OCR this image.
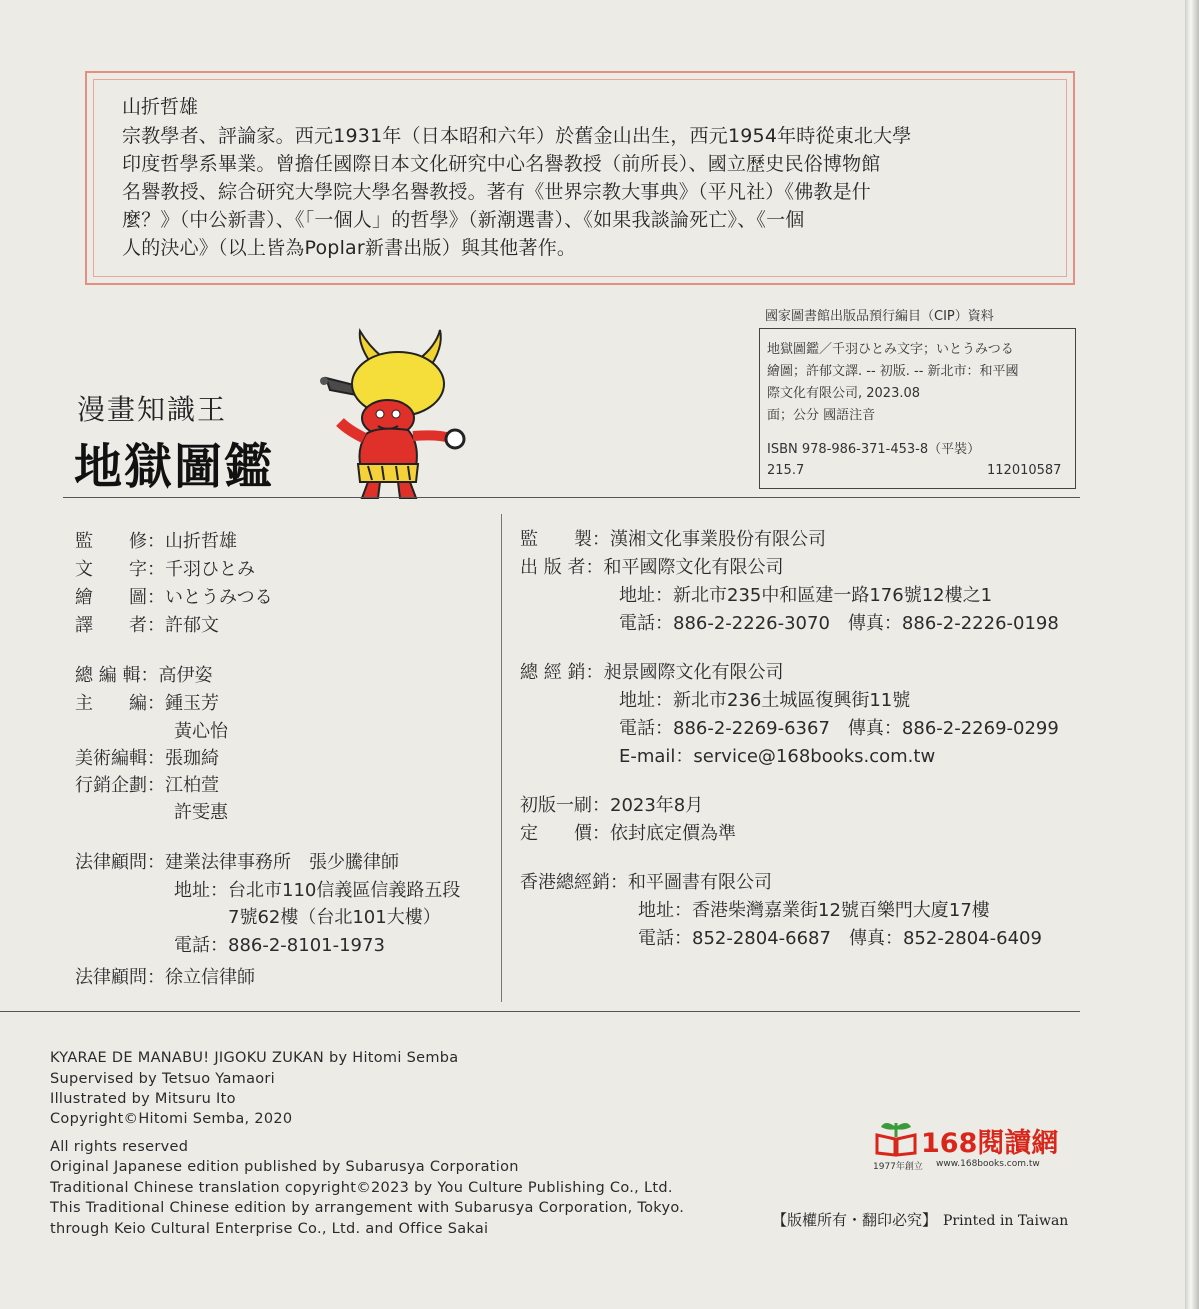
山折哲雄
宗教學者、評論家。西元1931年（日本昭和六年）於舊金山出生，西元1954年時從東北大學
印度哲學系畢業。曾擔任國際日本文化研究中心名譽教授（前所長）、國立歷史民俗博物館
名譽教授、綜合研究大學院大學名譽教授。著有《世界宗教大事典》（平凡社）《佛教是什
麼？》（中公新書）、《「一個人」的哲學》（新潮選書）、《如果我談論死亡》、《一個
人的決心》（以上皆為Poplar新書出版）與其他著作。
國家圖書館出版品預行編目（CIP）資料
地獄圖鑑／千羽ひとみ文字；いとうみつる
繪圖；許郁文譯. -- 初版. -- 新北市：和平國
際文化有限公司, 2023.08
面；公分 國語注音
ISBN 978-986-371-453-8（平裝）
215.7	112010587
漫畫知識王
地獄圖鑑
監　　修：山折哲雄
文　　字：千羽ひとみ
繪　　圖：いとうみつる
譯　　者：許郁文
總 編 輯：高伊姿
主　　編：鍾玉芳
黃心怡
美術編輯：張珈綺
行銷企劃：江柏萱
許雯惠
法律顧問：建業法律事務所　張少騰律師
地址：台北市110信義區信義路五段
　　　7號62樓（台北101大樓）
電話：886-2-8101-1973
法律顧問：徐立信律師
監　　製：漢湘文化事業股份有限公司
出 版 者：和平國際文化有限公司
地址：新北市235中和區建一路176號12樓之1
電話：886-2-2226-3070　傳真：886-2-2226-0198
總 經 銷：昶景國際文化有限公司
地址：新北市236土城區復興街11號
電話：886-2-2269-6367　傳真：886-2-2269-0299
E-mail：service@168books.com.tw
初版一刷：2023年8月
定　　價：依封底定價為準
香港總經銷：和平圖書有限公司
地址：香港柴灣嘉業街12號百樂門大廈17樓
電話：852-2804-6687　傳真：852-2804-6409
KYARAE DE MANABU! JIGOKU ZUKAN by Hitomi Semba
Supervised by Tetsuo Yamaori
Illustrated by Mitsuru Ito
Copyright©Hitomi Semba, 2020
All rights reserved
Original Japanese edition published by Subarusya Corporation
Traditional Chinese translation copyright©2023 by You Culture Publishing Co., Ltd.
This Traditional Chinese edition by arrangement with Subarusya Corporation, Tokyo.
through Keio Cultural Enterprise Co., Ltd. and Office Sakai
168閱讀網
1977年創立 www.168books.com.tw
【版權所有・翻印必究】 Printed in Taiwan
